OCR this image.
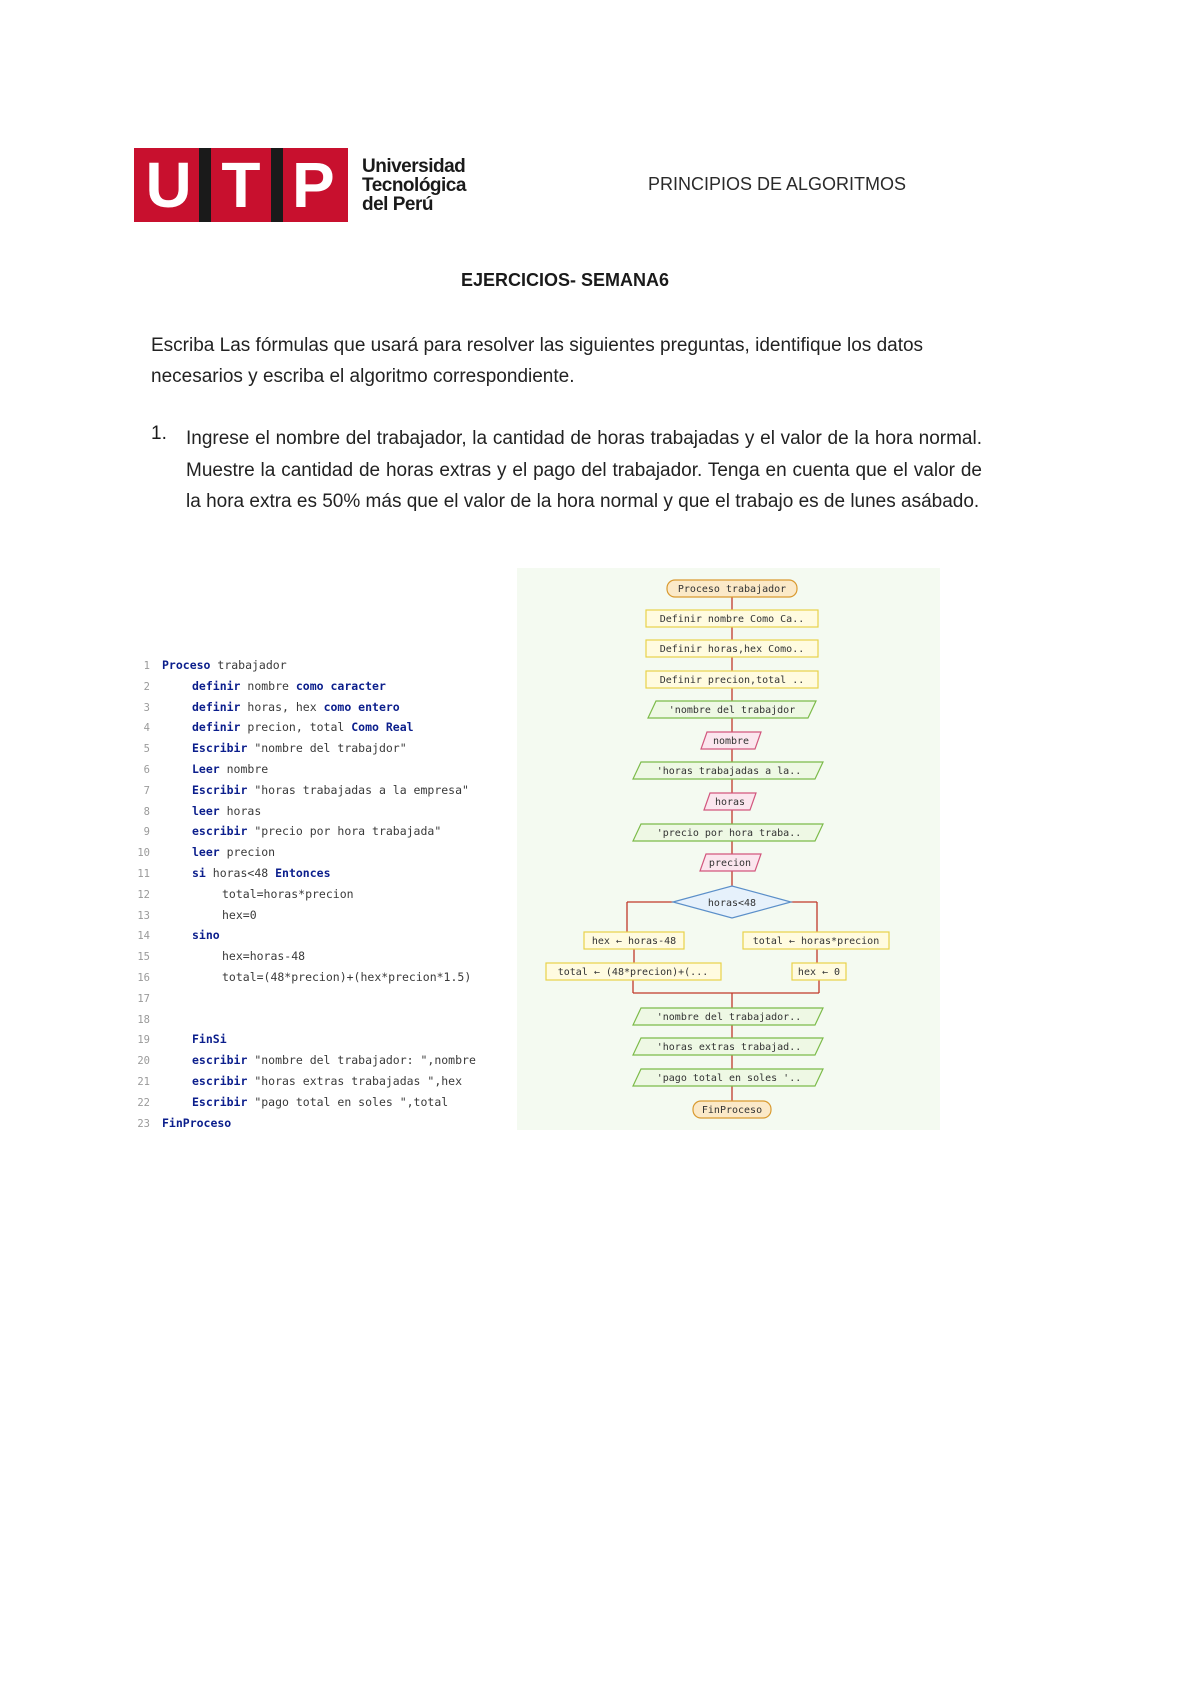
U T P Universidad
Tecnológica
del Perú
PRINCIPIOS DE ALGORITMOS
EJERCICIOS- SEMANA6
Escriba Las fórmulas que usará para resolver las siguientes preguntas, identifique los datos necesarios y escriba el algoritmo correspondiente.
1. Ingrese el nombre del trabajador, la cantidad de horas trabajadas y el valor de la hora normal. Muestre la cantidad de horas extras y el pago del trabajador. Tenga en cuenta que el valor de la hora extra es 50% más que el valor de la hora normal y que el trabajo es de lunes asábado.
1 Proceso trabajador
2	definir nombre como caracter
3	definir horas, hex como entero
4	definir precion, total Como Real
5	Escribir "nombre del trabajdor"
6	Leer nombre
7	Escribir "horas trabajadas a la empresa"
8	leer horas
9	escribir "precio por hora trabajada"
10	leer precion
11	si horas<48 Entonces
12	total=horas*precion
13	hex=0
14	sino
15	hex=horas-48
16	total=(48*precion)+(hex*precion*1.5)
17
18
19	FinSi
20	escribir "nombre del trabajador: ",nombre
21	escribir "horas extras trabajadas ",hex
22	Escribir "pago total en soles ",total
23 FinProceso
Proceso trabajador
Definir nombre Como Ca..
Definir horas,hex Como..
Definir precion,total ..
'nombre del trabajdor
nombre
'horas trabajadas a la..
horas
'precio por hora traba..
precion
horas<48
hex ← horas-48
total ← (48*precion)+(...
total ← horas*precion
hex ← 0
'nombre del trabajador..
'horas extras trabajad..
'pago total en soles '..
FinProceso
